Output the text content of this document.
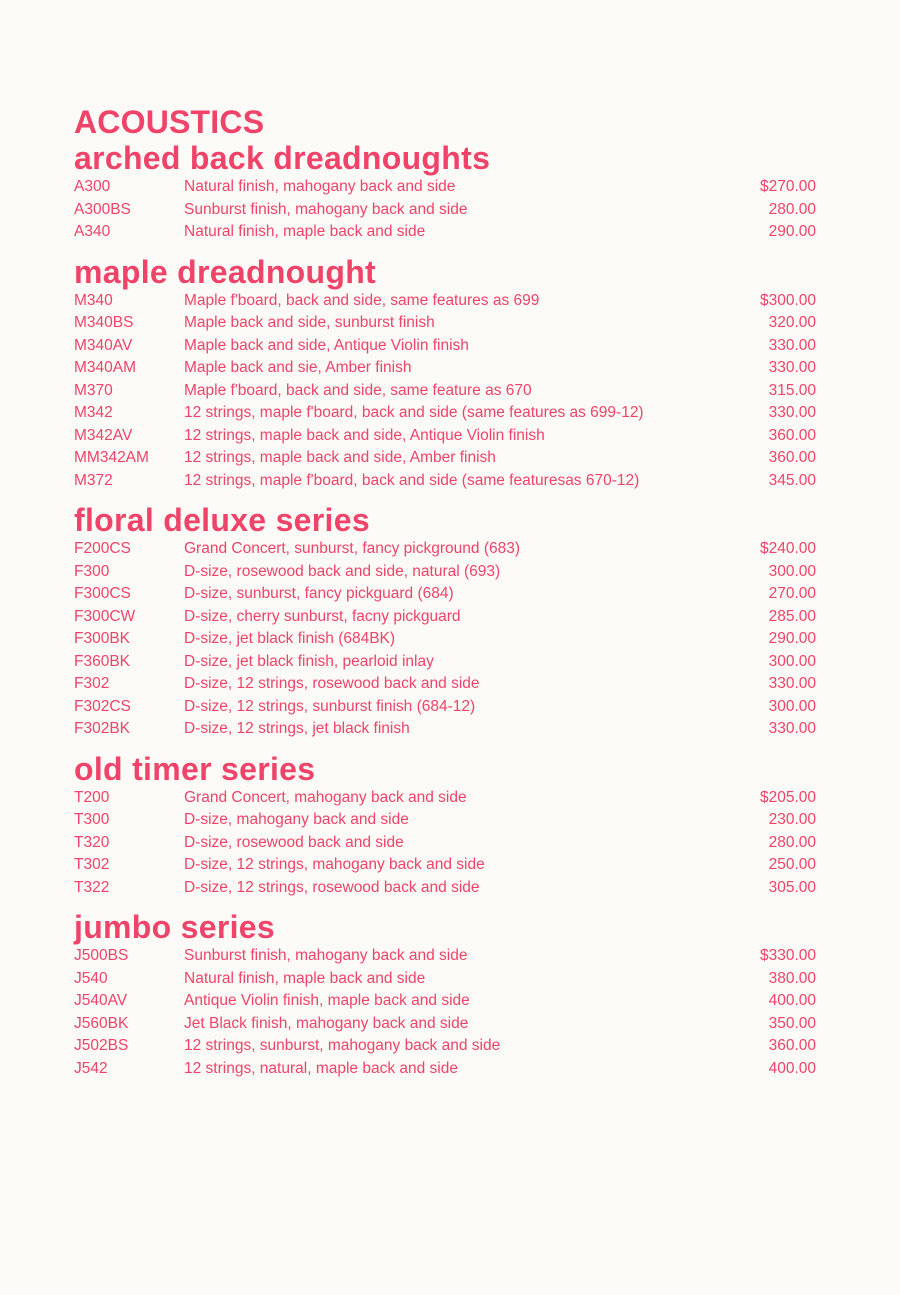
ACOUSTICS
arched back dreadnoughts
A300	Natural finish, mahogany back and side	$270.00
A300BS	Sunburst finish, mahogany back and side	280.00
A340	Natural finish, maple back and side	290.00
maple dreadnought
M340	Maple f'board, back and side, same features as 699	$300.00
M340BS	Maple back and side, sunburst finish	320.00
M340AV	Maple back and side, Antique Violin finish	330.00
M340AM	Maple back and sie, Amber finish	330.00
M370	Maple f'board, back and side, same feature as 670	315.00
M342	12 strings, maple f'board, back and side (same features as 699-12)	330.00
M342AV	12 strings, maple back and side, Antique Violin finish	360.00
MM342AM	12 strings, maple back and side, Amber finish	360.00
M372	12 strings, maple f'board, back and side (same featuresas 670-12)	345.00
floral deluxe series
F200CS	Grand Concert, sunburst, fancy pickground (683)	$240.00
F300	D-size, rosewood back and side, natural (693)	300.00
F300CS	D-size, sunburst, fancy pickguard (684)	270.00
F300CW	D-size, cherry sunburst, facny pickguard	285.00
F300BK	D-size, jet black finish (684BK)	290.00
F360BK	D-size, jet black finish, pearloid inlay	300.00
F302	D-size, 12 strings, rosewood back and side	330.00
F302CS	D-size, 12 strings, sunburst finish (684-12)	300.00
F302BK	D-size, 12 strings, jet black finish	330.00
old timer series
T200	Grand Concert, mahogany back and side	$205.00
T300	D-size, mahogany back and side	230.00
T320	D-size, rosewood back and side	280.00
T302	D-size, 12 strings, mahogany back and side	250.00
T322	D-size, 12 strings, rosewood back and side	305.00
jumbo series
J500BS	Sunburst finish, mahogany back and side	$330.00
J540	Natural finish, maple back and side	380.00
J540AV	Antique Violin finish, maple back and side	400.00
J560BK	Jet Black finish, mahogany back and side	350.00
J502BS	12 strings, sunburst, mahogany back and side	360.00
J542	12 strings, natural, maple back and side	400.00
